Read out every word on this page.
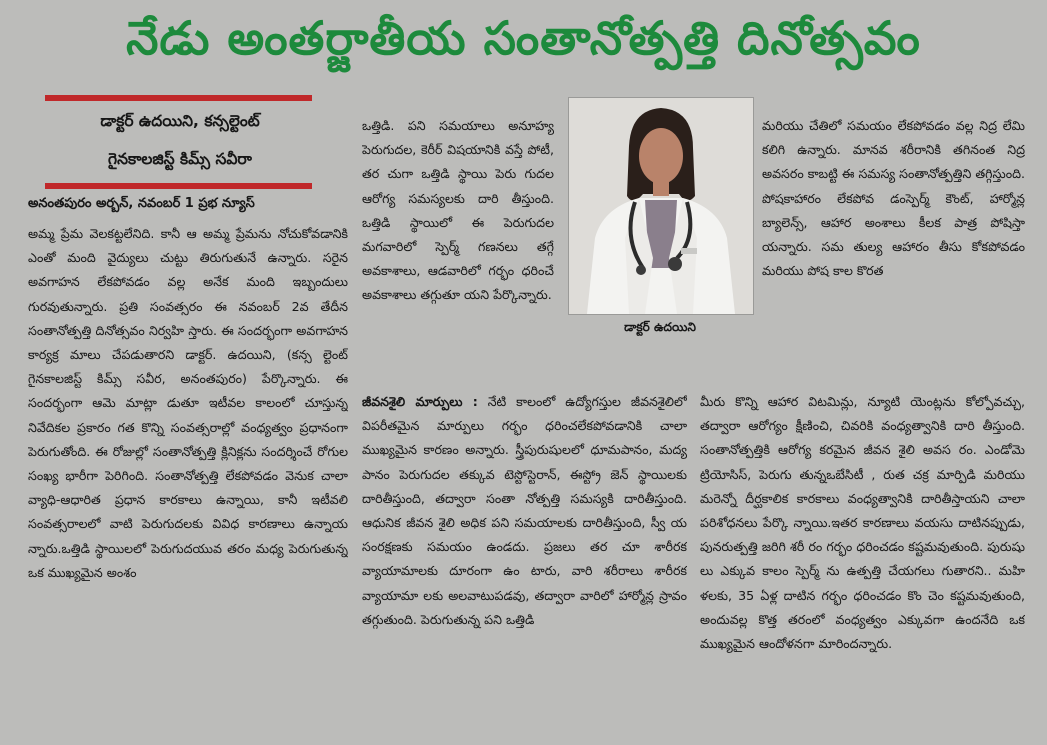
నేడు అంతర్జాతీయ సంతానోత్పత్తి దినోత్సవం
డాక్టర్ ఉదయిని, కన్సల్టెంట్
గైనకాలజిస్ట్ కిమ్స్ సవీరా
అనంతపురం అర్బన్, నవంబర్ 1 ప్రభ న్యూస్

అమ్మ ప్రేమ వెలకట్టలేనిది. కానీ ఆ అమ్మ ప్రేమను నోచుకోవడానికి ఎంతో మంది వైద్యులు చుట్టు తిరుగుతునే ఉన్నారు. సరైన అవగాహన లేకపోవడం వల్ల అనేక మంది ఇబ్బందులు గురవుతున్నారు. ప్రతి సంవత్సరం ఈ నవంబర్ 2వ తేదీన సంతానోత్పత్తి దినోత్సవం నిర్వహి స్తారు. ఈ సందర్భంగా అవగాహన కార్యక్ర మాలు చేపడుతారని డాక్టర్. ఉదయిని, (కన్స ల్టెంట్ గైనకాలజిస్ట్ కిమ్స్ సవీర, అనంతపురం) పేర్కొన్నారు. ఈ సందర్భంగా ఆమె మాట్లా డుతూ ఇటీవల కాలంలో చూస్తున్న నివేదికల ప్రకారం గత కొన్ని సంవత్సరాల్లో వంధ్యత్వం ప్రధానంగా పెరుగుతోంది. ఈ రోజుల్లో సంతానోత్పత్తి క్లినిక్లను సందర్శించే రోగుల సంఖ్య భారీగా పెరిగింది. సంతానోత్పత్తి లేకపోవడం వెనుక చాలా వ్యాధి-ఆధారిత ప్రధాన కారకాలు ఉన్నాయి, కానీ ఇటీవలి సంవత్సరాలలో వాటి పెరుగుదలకు వివిధ కారణాలు ఉన్నాయ న్నారు.ఒత్తిడి స్థాయిలలో పెరుగుదయువ తరం మధ్య పెరుగుతున్న ఒక ముఖ్యమైన అంశం

ఒత్తిడి. పని సమయాలు అనూహ్య పెరుగుదల, కెరీర్ విషయానికి వస్తే పోటీ, తర చుగా ఒత్తిడి స్థాయి పెరు గుదల ఆరోగ్య సమస్యలకు దారి తీస్తుంది. ఒత్తిడి స్థాయిలో ఈ పెరుగుదల మగవారిలో స్పెర్మ్ గణనలు తగ్గే అవకాశాలు, ఆడవారిలో గర్భం ధరించే అవకాశాలు తగ్గుతూ యని పేర్కొన్నారు.

డాక్టర్ ఉదయిని

జీవనశైలి మార్పులు : నేటి కాలంలో ఉద్యోగస్తుల జీవనశైలిలో విపరీతమైన మార్పులు గర్భం ధరించలేకపోవడానికి చాలా ముఖ్యమైన కారణం అన్నారు. స్త్రీపురుషులలో ధూమపానం, మద్య పానం పెరుగుదల తక్కువ టెస్టోస్టెరాన్, ఈస్ట్రో జెన్ స్థాయిలకు దారితీస్తుంది, తద్వారా సంతా నోత్పత్తి సమస్యకి దారితీస్తుంది. ఆధునిక జీవన శైలి అధిక పని సమయాలకు దారితీస్తుంది, స్వీ య సంరక్షణకు సమయం ఉండదు. ప్రజలు తర చూ శారీరక వ్యాయామాలకు దూరంగా ఉం టారు, వారి శరీరాలు శారీరక వ్యాయామా లకు అలవాటుపడవు, తద్వారా వారిలో హార్మోన్ల స్రావం తగ్గుతుంది. పెరుగుతున్న పని ఒత్తిడి

మరియు చేతిలో సమయం లేకపోవడం వల్ల నిద్ర లేమి కలిగి ఉన్నారు. మానవ శరీరానికి తగినంత నిద్ర అవసరం కాబట్టి ఈ సమస్య సంతానోత్పత్తిని తగ్గిస్తుంది. పోషకాహారం లేకపోవ డంస్పెర్మ్ కౌంట్, హార్మోన్ల బ్యాలెన్స్, ఆహార అంశాలు కీలక పాత్ర పోషిస్తా యన్నారు. సమ తుల్య ఆహారం తీసు కోకపోవడం మరియు పోష కాల కొరత

మీరు కొన్ని ఆహార విటమిన్లు, న్యూటి యెంట్లను కోల్పోవచ్చు, తద్వారా ఆరోగ్యం క్షీణించి, చివరికి వంధ్యత్వానికి దారి తీస్తుంది. సంతానోత్పత్తికి ఆరోగ్య కరమైన జీవన శైలి అవస రం. ఎండోమె ట్రియోసిస్, పెరుగు తున్నఒబేసిటీ , రుత చక్ర మార్పిడి మరియు మరెన్నో దీర్ఘకాలిక కారకాలు వంధ్యత్వానికి దారితీస్తాయని చాలా పరిశోధనలు పేర్కొ న్నాయి.ఇతర కారణాలు వయసు దాటినప్పుడు, పునరుత్పత్తి జరిగి శరీ రం గర్భం ధరించడం కష్టమవుతుంది. పురుషు లు ఎక్కువ కాలం స్పెర్మ్ ను ఉత్పత్తి చేయగలు గుతారని.. మహి ళలకు, 35 ఏళ్ల దాటిన గర్భం ధరించడం కొం చెం కష్టమవుతుంది, అందువల్ల కొత్త తరంలో వంధ్యత్వం ఎక్కువగా ఉందనేది ఒక ముఖ్యమైన ఆందోళనగా మారిందన్నారు.
